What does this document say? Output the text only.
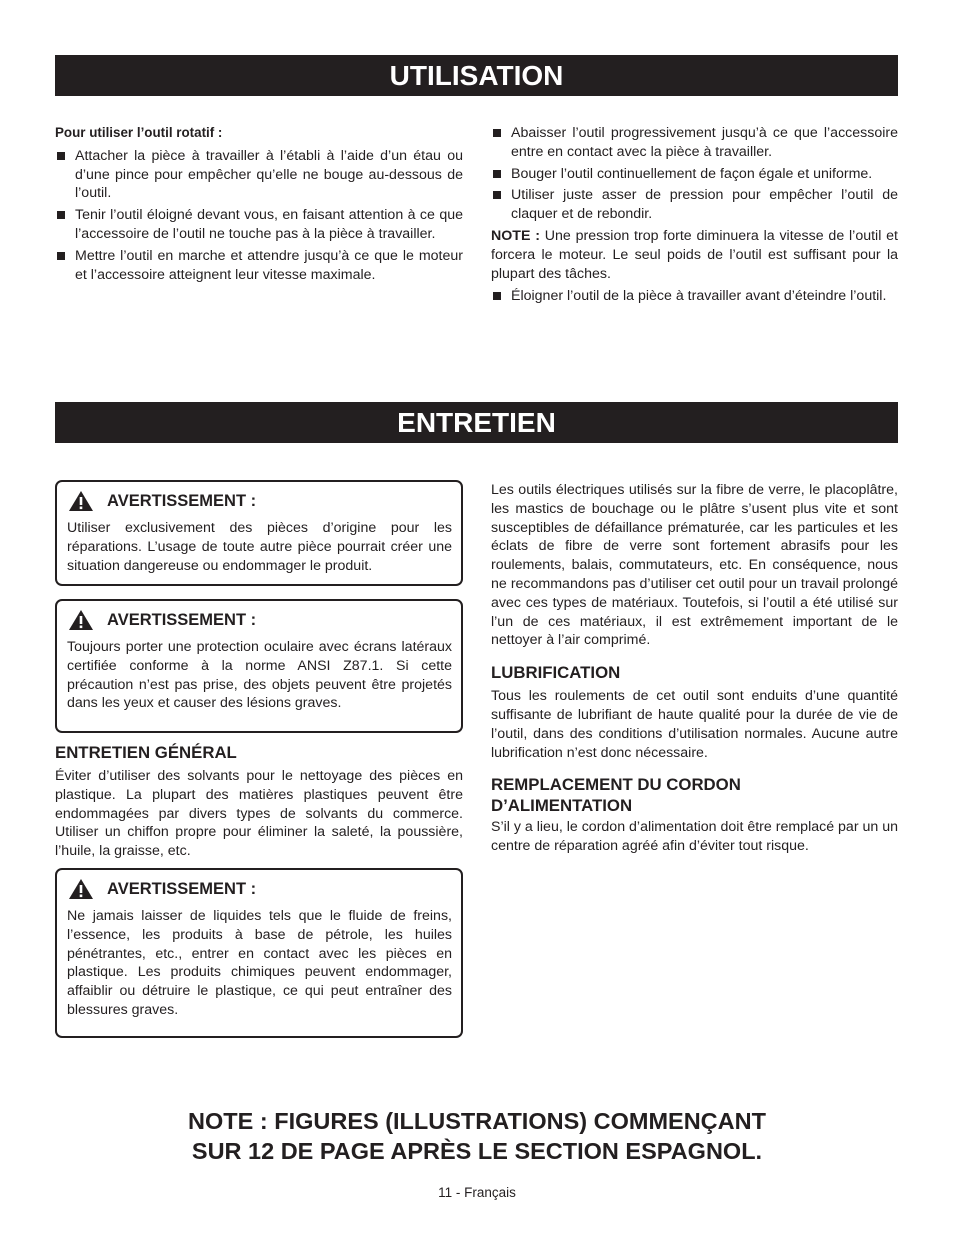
UTILISATION
Pour utiliser l’outil rotatif :
Attacher la pièce à travailler à l’établi à l’aide d’un étau ou d’une pince pour empêcher qu’elle ne bouge au-dessous de l’outil.
Tenir l’outil éloigné devant vous, en faisant attention à ce que l’accessoire de l’outil ne touche pas à la pièce à travailler.
Mettre l’outil en marche et attendre jusqu’à ce que le moteur et l’accessoire atteignent leur vitesse maximale.
Abaisser l’outil progressivement jusqu’à ce que l’accessoire entre en contact avec la pièce à travailler.
Bouger l’outil continuellement de façon égale et uniforme.
Utiliser juste asser de pression pour empêcher l’outil de claquer et de rebondir.

NOTE : Une pression trop forte diminuera la vitesse de l’outil et forcera le moteur. Le seul poids de l’outil est suffisant pour la plupart des tâches.

Éloigner l’outil de la pièce à travailler avant d’éteindre l’outil.
ENTRETIEN
AVERTISSEMENT :
Utiliser exclusivement des pièces d’origine pour les réparations. L’usage de toute autre pièce pourrait créer une situation dangereuse ou endommager le produit.
AVERTISSEMENT :
Toujours porter une protection oculaire avec écrans latéraux certifiée conforme à la norme ANSI Z87.1. Si cette précaution n’est pas prise, des objets peuvent être projetés dans les yeux et causer des lésions graves.
ENTRETIEN GÉNÉRAL

Éviter d’utiliser des solvants pour le nettoyage des pièces en plastique. La plupart des matières plastiques peuvent être endommagées par divers types de solvants du commerce. Utiliser un chiffon propre pour éliminer la saleté, la poussière, l’huile, la graisse, etc.

AVERTISSEMENT :
Ne jamais laisser de liquides tels que le fluide de freins, l’essence, les produits à base de pétrole, les huiles pénétrantes, etc., entrer en contact avec les pièces en plastique. Les produits chimiques peuvent endommager, affaiblir ou détruire le plastique, ce qui peut entraîner des blessures graves.

Les outils électriques utilisés sur la fibre de verre, le placoplâtre, les mastics de bouchage ou le plâtre s’usent plus vite et sont susceptibles de défaillance prématurée, car les particules et les éclats de fibre de verre sont fortement abrasifs pour les roulements, balais, commutateurs, etc. En conséquence, nous ne recommandons pas d’utiliser cet outil pour un travail prolongé avec ces types de matériaux. Toutefois, si l’outil a été utilisé sur l’un de ces matériaux, il est extrêmement important de le nettoyer à l’air comprimé.

LUBRIFICATION

Tous les roulements de cet outil sont enduits d’une quantité suffisante de lubrifiant de haute qualité pour la durée de vie de l’outil, dans des conditions d’utilisation normales. Aucune autre lubrification n’est donc nécessaire.

REMPLACEMENT DU CORDON
D’ALIMENTATION

S’il y a lieu, le cordon d’alimentation doit être remplacé par un un centre de réparation agréé afin d’éviter tout risque.

NOTE : FIGURES (ILLUSTRATIONS) COMMENÇANT
SUR 12 DE PAGE APRÈS LE SECTION ESPAGNOL.
11 - Français
